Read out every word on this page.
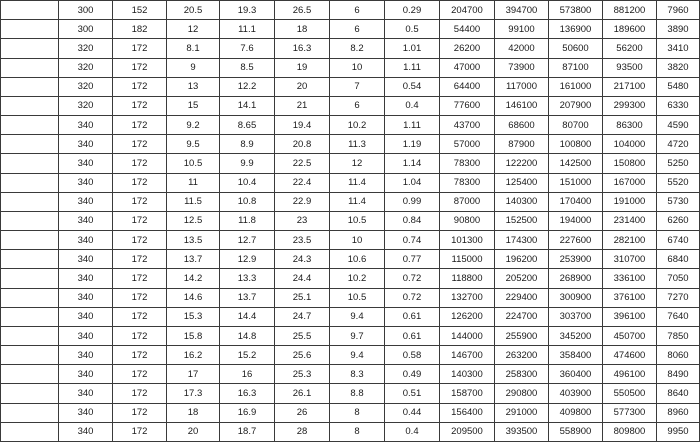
	300	152	20.5	19.3	26.5	6	0.29	204700	394700	573800	881200	7960
	300	182	12	11.1	18	6	0.5	54400	99100	136900	189600	3890
	320	172	8.1	7.6	16.3	8.2	1.01	26200	42000	50600	56200	3410
	320	172	9	8.5	19	10	1.11	47000	73900	87100	93500	3820
	320	172	13	12.2	20	7	0.54	64400	117000	161000	217100	5480
	320	172	15	14.1	21	6	0.4	77600	146100	207900	299300	6330
	340	172	9.2	8.65	19.4	10.2	1.11	43700	68600	80700	86300	4590
	340	172	9.5	8.9	20.8	11.3	1.19	57000	87900	100800	104000	4720
	340	172	10.5	9.9	22.5	12	1.14	78300	122200	142500	150800	5250
	340	172	11	10.4	22.4	11.4	1.04	78300	125400	151000	167000	5520
	340	172	11.5	10.8	22.9	11.4	0.99	87000	140300	170400	191000	5730
	340	172	12.5	11.8	23	10.5	0.84	90800	152500	194000	231400	6260
	340	172	13.5	12.7	23.5	10	0.74	101300	174300	227600	282100	6740
	340	172	13.7	12.9	24.3	10.6	0.77	115000	196200	253900	310700	6840
	340	172	14.2	13.3	24.4	10.2	0.72	118800	205200	268900	336100	7050
	340	172	14.6	13.7	25.1	10.5	0.72	132700	229400	300900	376100	7270
	340	172	15.3	14.4	24.7	9.4	0.61	126200	224700	303700	396100	7640
	340	172	15.8	14.8	25.5	9.7	0.61	144000	255900	345200	450700	7850
	340	172	16.2	15.2	25.6	9.4	0.58	146700	263200	358400	474600	8060
	340	172	17	16	25.3	8.3	0.49	140300	258300	360400	496100	8490
	340	172	17.3	16.3	26.1	8.8	0.51	158700	290800	403900	550500	8640
	340	172	18	16.9	26	8	0.44	156400	291000	409800	577300	8960
	340	172	20	18.7	28	8	0.4	209500	393500	558900	809800	9950
